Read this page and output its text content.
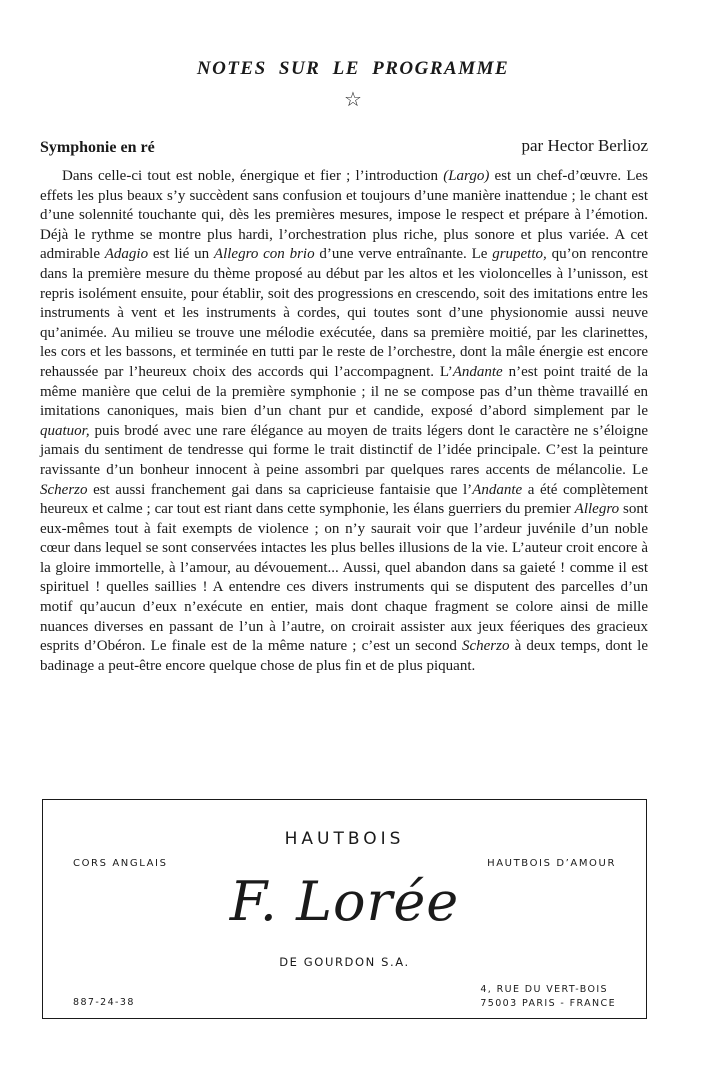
NOTES SUR LE PROGRAMME
☆
Symphonie en ré	par Hector Berlioz

Dans celle-ci tout est noble, énergique et fier ; l’introduction (Largo) est un chef-d’œuvre. Les effets les plus beaux s’y succèdent sans confusion et toujours d’une manière inattendue ; le chant est d’une solennité touchante qui, dès les premières mesures, impose le respect et prépare à l’émotion. Déjà le rythme se montre plus hardi, l’orchestration plus riche, plus sonore et plus variée. A cet admirable Adagio est lié un Allegro con brio d’une verve entraînante. Le grupetto, qu’on rencontre dans la première mesure du thème proposé au début par les altos et les violoncelles à l’unisson, est repris isolément ensuite, pour établir, soit des progressions en crescendo, soit des imitations entre les instruments à vent et les instruments à cordes, qui toutes sont d’une physionomie aussi neuve qu’animée. Au milieu se trouve une mélodie exécutée, dans sa première moitié, par les clarinettes, les cors et les bassons, et terminée en tutti par le reste de l’orchestre, dont la mâle énergie est encore rehaussée par l’heureux choix des accords qui l’accompagnent. L’Andante n’est point traité de la même manière que celui de la première symphonie ; il ne se compose pas d’un thème travaillé en imitations canoniques, mais bien d’un chant pur et candide, exposé d’abord simplement par le quatuor, puis brodé avec une rare élégance au moyen de traits légers dont le caractère ne s’éloigne jamais du sentiment de tendresse qui forme le trait distinctif de l’idée principale. C’est la peinture ravissante d’un bonheur innocent à peine assombri par quelques rares accents de mélancolie. Le Scherzo est aussi franchement gai dans sa capricieuse fantaisie que l’Andante a été complètement heureux et calme ; car tout est riant dans cette symphonie, les élans guerriers du premier Allegro sont eux-mêmes tout à fait exempts de violence ; on n’y saurait voir que l’ardeur juvénile d’un noble cœur dans lequel se sont conservées intactes les plus belles illusions de la vie. L’auteur croit encore à la gloire immortelle, à l’amour, au dévouement... Aussi, quel abandon dans sa gaieté ! comme il est spirituel ! quelles saillies ! A entendre ces divers instruments qui se disputent des parcelles d’un motif qu’aucun d’eux n’exécute en entier, mais dont chaque fragment se colore ainsi de mille nuances diverses en passant de l’un à l’autre, on croirait assister aux jeux féeriques des gracieux esprits d’Obéron. Le finale est de la même nature ; c’est un second Scherzo à deux temps, dont le badinage a peut-être encore quelque chose de plus fin et de plus piquant.

HAUTBOIS
CORS ANGLAIS	HAUTBOIS D’AMOUR
F. Lorée
DE GOURDON S.A.
887-24-38
4, RUE DU VERT-BOIS
75003 PARIS - FRANCE
